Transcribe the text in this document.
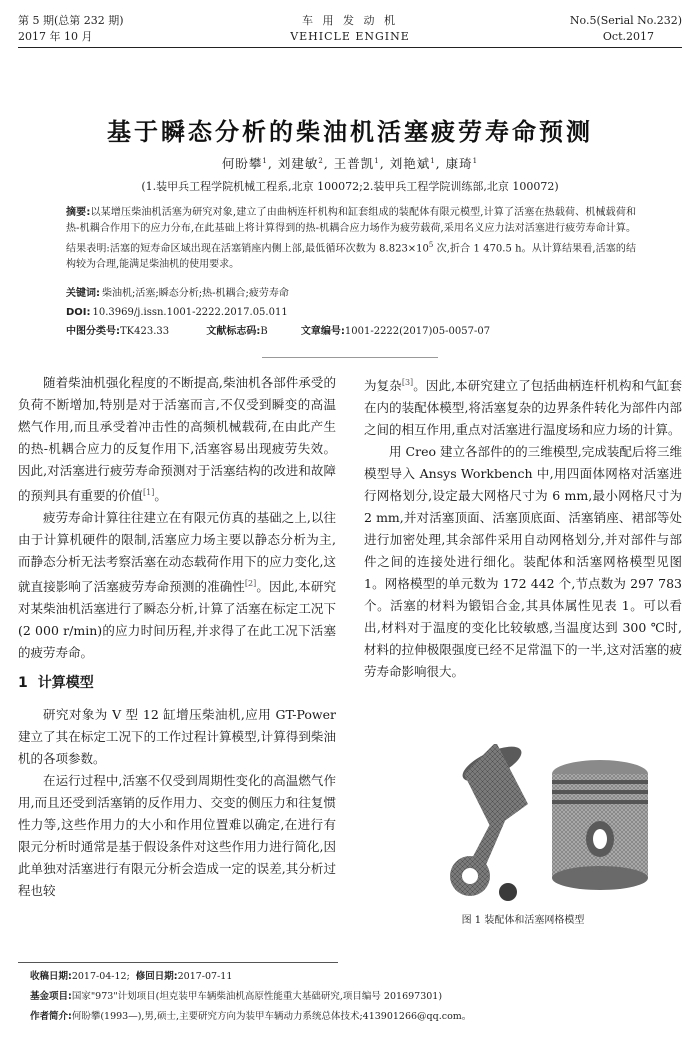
第 5 期(总第 232 期)
2017 年 10 月
车 用 发 动 机
VEHICLE ENGINE
No.5(Serial No.232)
Oct.2017
基于瞬态分析的柴油机活塞疲劳寿命预测
何盼攀$^1$, 刘建敏$^2$, 王普凯$^1$, 刘艳斌$^1$, 康琦$^1$
(1.装甲兵工程学院机械工程系,北京 100072;2.装甲兵工程学院训练部,北京 100072)
摘要:以某增压柴油机活塞为研究对象,建立了由曲柄连杆机构和缸套组成的装配体有限元模型,计算了活塞在热载荷、机械载荷和热-机耦合作用下的应力分布,在此基础上将计算得到的热-机耦合应力场作为疲劳载荷,采用名义应力法对活塞进行疲劳寿命计算。结果表明:活塞的短寿命区域出现在活塞销座内侧上部,最低循环次数为 $8.823\times 10^5$ 次,折合 1 470.5 h。从计算结果看,活塞的结构较为合理,能满足柴油机的使用要求。
关键词: 柴油机;活塞;瞬态分析;热-机耦合;疲劳寿命
DOI: 10.3969/j.issn.1001-2222.2017.05.011
中图分类号:TK423.33	文献标志码:B	文章编号:1001-2222(2017)05-0057-07

随着柴油机强化程度的不断提高,柴油机各部件承受的负荷不断增加,特别是对于活塞而言,不仅受到瞬变的高温燃气作用,而且承受着冲击性的高频机械载荷,在由此产生的热-机耦合应力的反复作用下,活塞容易出现疲劳失效。因此,对活塞进行疲劳寿命预测对于活塞结构的改进和故障的预判具有重要的价值[1]。

疲劳寿命计算往往建立在有限元仿真的基础之上,以往由于计算机硬件的限制,活塞应力场主要以静态分析为主,而静态分析无法考察活塞在动态载荷作用下的应力变化,这就直接影响了活塞疲劳寿命预测的准确性[2]。因此,本研究对某柴油机活塞进行了瞬态分析,计算了活塞在标定工况下(2 000 r/min)的应力时间历程,并求得了在此工况下活塞的疲劳寿命。

1 计算模型

研究对象为 V 型 12 缸增压柴油机,应用 GT-Power 建立了其在标定工况下的工作过程计算模型,计算得到柴油机的各项参数。

在运行过程中,活塞不仅受到周期性变化的高温燃气作用,而且还受到活塞销的反作用力、交变的侧压力和往复惯性力等,这些作用力的大小和作用位置难以确定,在进行有限元分析时通常是基于假设条件对这些作用力进行简化,因此单独对活塞进行有限元分析会造成一定的误差,其分析过程也较

为复杂[3]。因此,本研究建立了包括曲柄连杆机构和气缸套在内的装配体模型,将活塞复杂的边界条件转化为部件内部之间的相互作用,重点对活塞进行温度场和应力场的计算。

用 Creo 建立各部件的的三维模型,完成装配后将三维模型导入 Ansys Workbench 中,用四面体网格对活塞进行网格划分,设定最大网格尺寸为 6 mm,最小网格尺寸为 2 mm,并对活塞顶面、活塞顶底面、活塞销座、裙部等处进行加密处理,其余部件采用自动网格划分,并对部件与部件之间的连接处进行细化。装配体和活塞网格模型见图 1。网格模型的单元数为 172 442 个,节点数为 297 783 个。活塞的材料为锻铝合金,其具体属性见表 1。可以看出,材料对于温度的变化比较敏感,当温度达到 300 ℃时,材料的拉伸极限强度已经不足常温下的一半,这对活塞的疲劳寿命影响很大。

图 1 装配体和活塞网格模型
收稿日期:2017-04-12; 修回日期:2017-07-11
基金项目:国家"973"计划项目(坦克装甲车辆柴油机高原性能重大基础研究,项目编号 201697301)
作者简介:何盼攀(1993—),男,硕士,主要研究方向为装甲车辆动力系统总体技术;413901266@qq.com。
